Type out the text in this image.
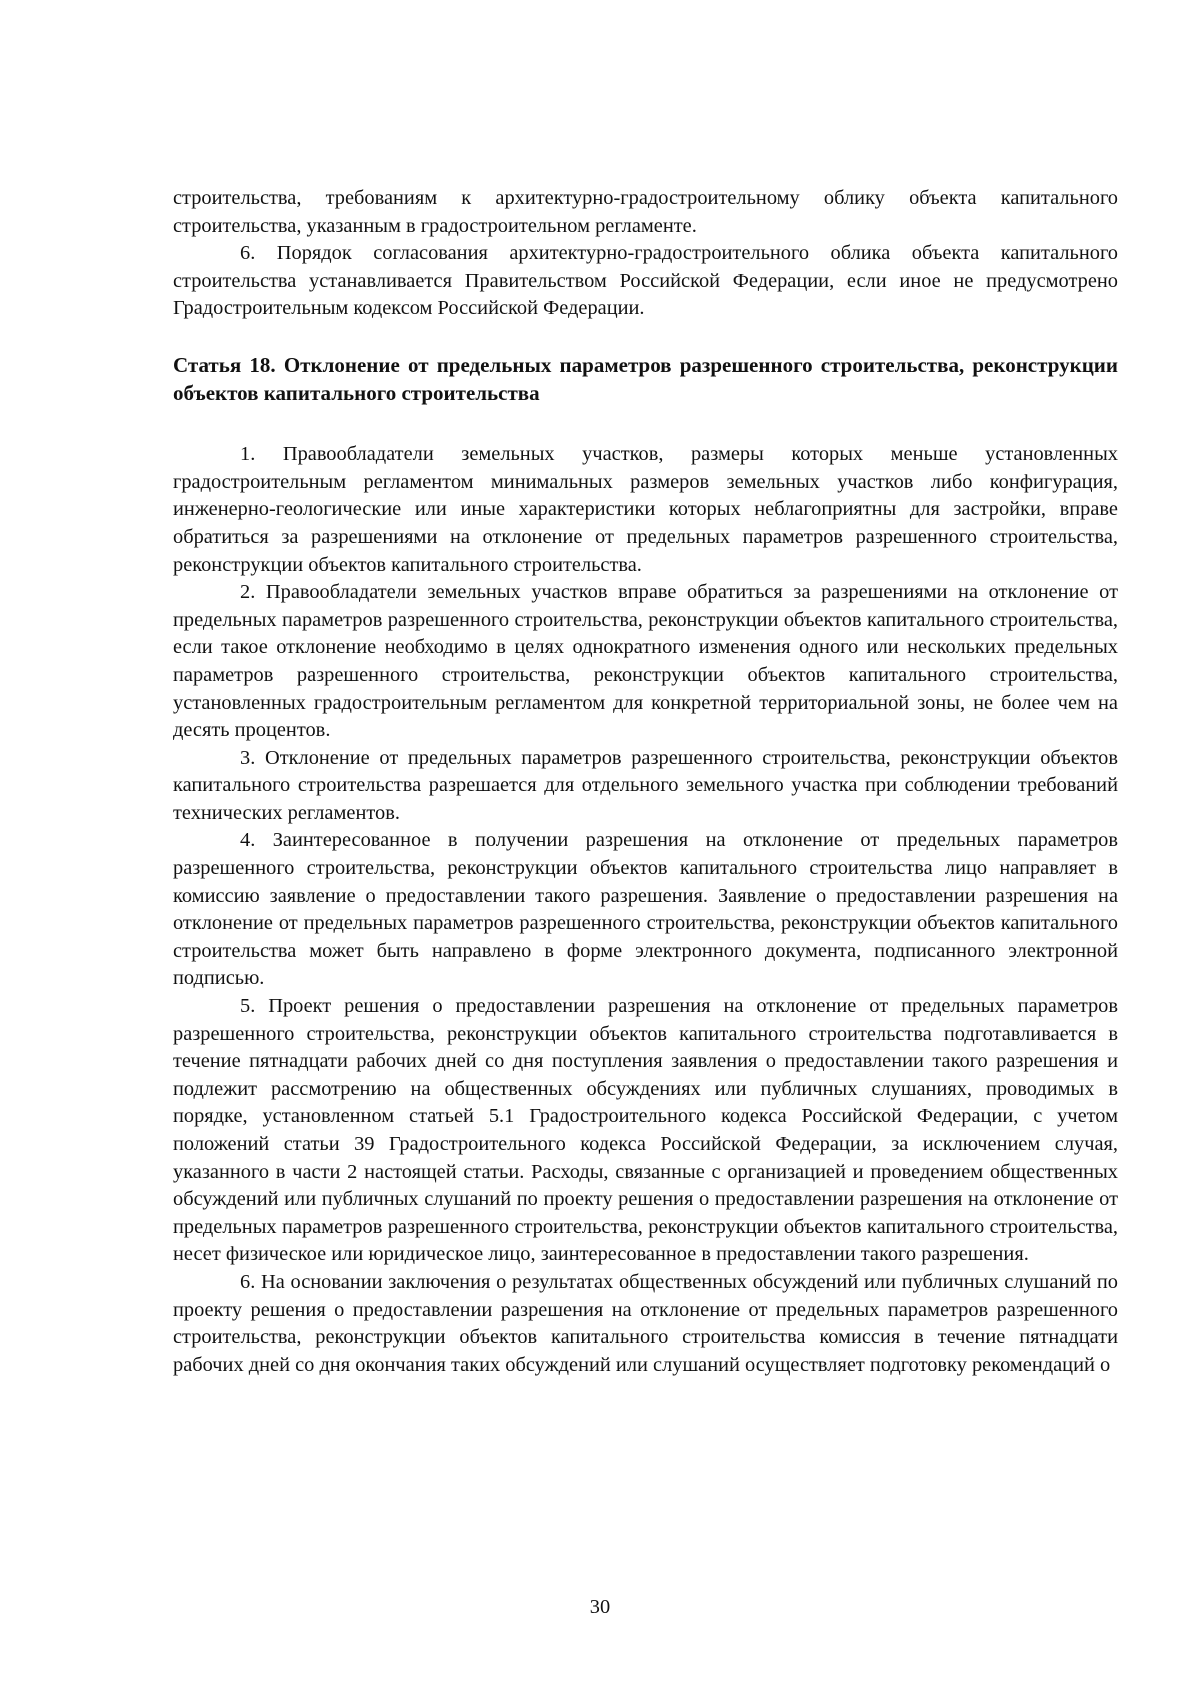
строительства, требованиям к архитектурно-градостроительному облику объекта капитального строительства, указанным в градостроительном регламенте.

6. Порядок согласования архитектурно-градостроительного облика объекта капитального строительства устанавливается Правительством Российской Федерации, если иное не предусмотрено Градостроительным кодексом Российской Федерации.

Статья 18. Отклонение от предельных параметров разрешенного строительства, реконструкции объектов капитального строительства

1. Правообладатели земельных участков, размеры которых меньше установленных градостроительным регламентом минимальных размеров земельных участков либо конфигурация, инженерно-геологические или иные характеристики которых неблагоприятны для застройки, вправе обратиться за разрешениями на отклонение от предельных параметров разрешенного строительства, реконструкции объектов капитального строительства.

2. Правообладатели земельных участков вправе обратиться за разрешениями на отклонение от предельных параметров разрешенного строительства, реконструкции объектов капитального строительства, если такое отклонение необходимо в целях однократного изменения одного или нескольких предельных параметров разрешенного строительства, реконструкции объектов капитального строительства, установленных градостроительным регламентом для конкретной территориальной зоны, не более чем на десять процентов.

3. Отклонение от предельных параметров разрешенного строительства, реконструкции объектов капитального строительства разрешается для отдельного земельного участка при соблюдении требований технических регламентов.

4. Заинтересованное в получении разрешения на отклонение от предельных параметров разрешенного строительства, реконструкции объектов капитального строительства лицо направляет в комиссию заявление о предоставлении такого разрешения. Заявление о предоставлении разрешения на отклонение от предельных параметров разрешенного строительства, реконструкции объектов капитального строительства может быть направлено в форме электронного документа, подписанного электронной подписью.

5. Проект решения о предоставлении разрешения на отклонение от предельных параметров разрешенного строительства, реконструкции объектов капитального строительства подготавливается в течение пятнадцати рабочих дней со дня поступления заявления о предоставлении такого разрешения и подлежит рассмотрению на общественных обсуждениях или публичных слушаниях, проводимых в порядке, установленном статьей 5.1 Градостроительного кодекса Российской Федерации, с учетом положений статьи 39 Градостроительного кодекса Российской Федерации, за исключением случая, указанного в части 2 настоящей статьи. Расходы, связанные с организацией и проведением общественных обсуждений или публичных слушаний по проекту решения о предоставлении разрешения на отклонение от предельных параметров разрешенного строительства, реконструкции объектов капитального строительства, несет физическое или юридическое лицо, заинтересованное в предоставлении такого разрешения.

6. На основании заключения о результатах общественных обсуждений или публичных слушаний по проекту решения о предоставлении разрешения на отклонение от предельных параметров разрешенного строительства, реконструкции объектов капитального строительства комиссия в течение пятнадцати рабочих дней со дня окончания таких обсуждений или слушаний осуществляет подготовку рекомендаций о

30
